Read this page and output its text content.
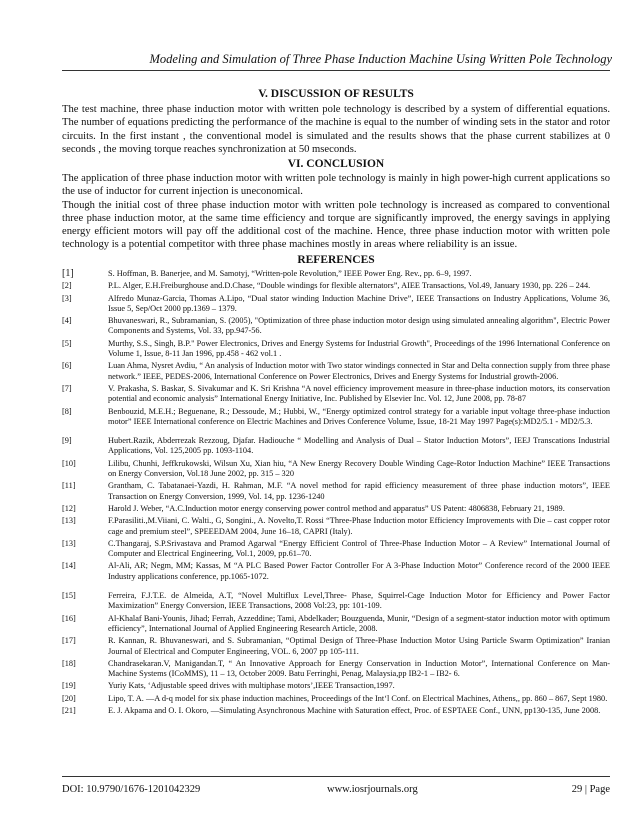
Modeling and Simulation of Three Phase Induction Machine Using Written Pole Technology
V. DISCUSSION OF RESULTS

The test machine, three phase induction motor with written pole technology is described by a system of differential equations. The number of equations predicting the performance of the machine is equal to the number of winding sets in the stator and rotor circuits. In the first instant , the conventional model is simulated and the results shows that the phase current stabilizes at 0 seconds , the moving torque reaches synchronization at 50 mseconds.

VI. CONCLUSION

The application of three phase induction motor with written pole technology is mainly in high power-high current applications so the use of inductor for current injection is uneconomical.

Though the initial cost of three phase induction motor with written pole technology is increased as compared to conventional three phase induction motor, at the same time efficiency and torque are significantly improved, the energy savings in applying energy efficient motors will pay off the additional cost of the machine. Hence, three phase induction motor with written pole technology is a potential competitor with three phase machines mostly in areas where reliability is an issue.

REFERENCES
[1]	S. Hoffman, B. Banerjee, and M. Samotyj, “Written-pole Revolution,” IEEE Power Eng. Rev., pp. 6–9, 1997.
[2]	P.L. Alger, E.H.Freiburghouse and.D.Chase, “Double windings for flexible alternators”, AIEE Transactions, Vol.49, January 1930, pp. 226 – 244.
[3]	Alfredo Munaz-Garcia, Thomas A.Lipo, “Dual stator winding Induction Machine Drive”, IEEE Transactions on Industry Applications, Volume 36, Issue 5, Sep/Oct 2000 pp.1369 – 1379.
[4]	Bhuvaneswari, R., Subramanian, S. (2005), "Optimization of three phase induction motor design using simulated annealing algorithm", Electric Power Components and Systems, Vol. 33, pp.947-56.
[5]	Murthy, S.S., Singh, B.P." Power Electronics, Drives and Energy Systems for Industrial Growth", Proceedings of the 1996 International Conference on Volume 1, Issue, 8-11 Jan 1996, pp.458 - 462 vol.1 .
[6]	Luan Ahma, Nysret Avdiu, “ An analysis of Induction motor with Two stator windings connected in Star and Delta connection supply from three phase network.” IEEE, PEDES-2006, International Conference on Power Electronics, Drives and Energy Systems for Industrial growth-2006.
[7]	V. Prakasha, S. Baskar, S. Sivakumar and K. Sri Krishna “A novel efficiency improvement measure in three-phase induction motors, its conservation potential and economic analysis” International Energy Initiative, Inc. Published by Elsevier Inc. Vol. 12, June 2008, pp. 78-87
[8]	Benbouzid, M.E.H.; Beguenane, R.; Dessoude, M.; Hubbi, W., “Energy optimized control strategy for a variable input voltage three-phase induction motor” IEEE International conference on Electric Machines and Drives Conference Volume, Issue, 18-21 May 1997 Page(s):MD2/5.1 - MD2/5.3.
[9]	Hubert.Razik, Abderrezak Rezzoug, Djafar. Hadiouche “ Modelling and Analysis of Dual – Stator Induction Motors”, IEEJ Transcations Industrial Applications, Vol. 125,2005 pp. 1093-1104.
[10]	Lilibu, Chunhi, Jeffkrukowski, Wilsun Xu, Xian hiu, “A New Energy Recovery Double Winding Cage-Rotor Induction Machine” IEEE Transactions on Energy Conversion, Vol.18 June 2002, pp. 315 – 320
[11]	Grantham, C. Tabatanaei-Yazdi, H. Rahman, M.F. “A novel method for rapid efficiency measurement of three phase induction motors”, IEEE Transaction on Energy Conversion, 1999, Vol. 14, pp. 1236-1240
[12]	Harold J. Weber, “A.C.Induction motor energy conserving power control method and apparatus” US Patent: 4806838, February 21, 1989.
[13]	F.Parasiliti.,M.Viiani, C. Walti., G, Songini., A. Novelto,T. Rossi “Three-Phase Induction motor Efficiency Improvements with Die – cast copper rotor cage and premium steel”, SPEEEDAM 2004, June 16–18, CAPRI (Italy).
[13]	C.Thangaraj, S.P.Srivastava and Pramod Agarwal “Energy Efficient Control of Three-Phase Induction Motor – A Review” International Journal of Computer and Electrical Engineering, Vol.1, 2009, pp.61–70.
[14]	Al-Ali, AR; Negm, MM; Kassas, M “A PLC Based Power Factor Controller For A 3-Phase Induction Motor” Conference record of the 2000 IEEE Industry applications conference, pp.1065-1072.
[15]	Ferreira, F.J.T.E. de Almeida, A.T, “Novel Multiflux Level,Three- Phase, Squirrel-Cage Induction Motor for Efficiency and Power Factor Maximization” Energy Conversion, IEEE Transactions, 2008 Vol:23, pp: 101-109.
[16]	Al-Khalaf Bani-Younis, Jihad; Ferrah, Azzeddine; Tami, Abdelkader; Bouzguenda, Munir, “Design of a segment-stator induction motor with optimum efficiency”, International Journal of Applied Engineering Research Article, 2008.
[17]	R. Kannan, R. Bhuvaneswari, and S. Subramanian, “Optimal Design of Three-Phase Induction Motor Using Particle Swarm Optimization” Iranian Journal of Electrical and Computer Engineering, VOL. 6, 2007 pp 105-111.
[18]	Chandrasekaran.V, Manigandan.T, “ An Innovative Approach for Energy Conservation in Induction Motor”, International Conference on Man-Machine Systems (ICoMMS), 11 – 13, October 2009. Batu Ferringhi, Penag, Malaysia,pp IB2-1 – IB2- 6.
[19]	Yuriy Kats, ‘Adjustable speed drives with multiphase motors’,IEEE Transaction,1997.
[20]	Lipo, T. A. ―A d-q model for six phase induction machines, Proceedings of the Int‘l Conf. on Electrical Machines, Athens,, pp. 860 – 867, Sept 1980.
[21]	E. J. Akpama and O. I. Okoro, ―Simulating Asynchronous Machine with Saturation effect, Proc. of ESPTAEE Conf., UNN, pp130-135, June 2008.
DOI: 10.9790/1676-1201042329	www.iosrjournals.org	29 | Page
